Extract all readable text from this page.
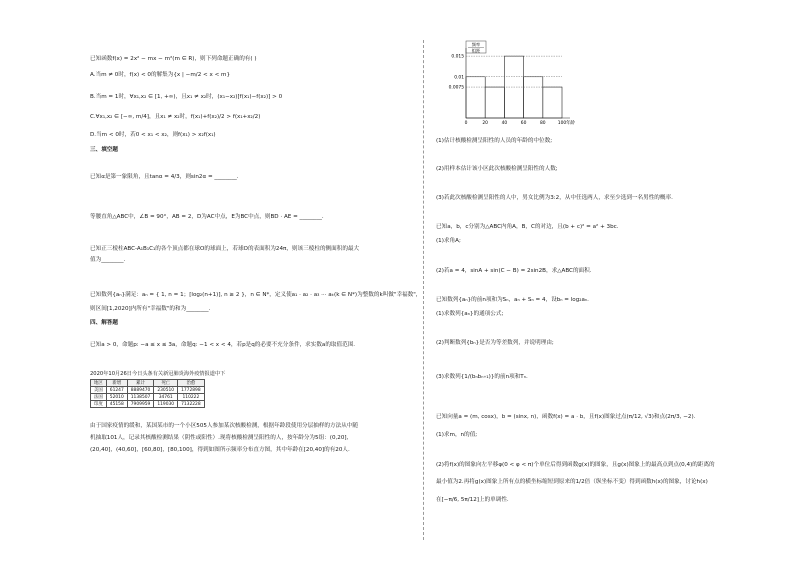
已知函数f(x) = 2x² − mx − m²(m ∈ R)，则下列命题正确的有( )
A.当m ≠ 0时，f(x) < 0的解集为{x | −m/2 < x < m}
B.当m = 1时，∀x₁,x₂ ∈ [1, +∞)，且x₁ ≠ x₂时，(x₁−x₂)[f(x₁)−f(x₂)] > 0
C.∀x₁,x₂ ∈ [−∞, m/4]，且x₁ ≠ x₂时，f(x₁)+f(x₂)/2 > f(x₁+x₂/2)
D.当m < 0时，若0 < x₁ < x₂，则f(x₁) > x₂f(x₁)
三、填空题
已知α是第一象限角，且tanα = 4/3，则sin2α = ________.
等腰直角△ABC中，∠B = 90°，AB = 2，D为AC中点，E为BC中点，则BD · AE = ________.
已知正三棱柱ABC-A₁B₁C₁的各个顶点都在球O的球面上，若球O的表面积为24π，则该三棱柱的侧面积的最大
值为________.
已知数列{aₙ}满足：aₙ = { 1, n = 1；[log₂(n+1)], n ≥ 2 }，n ∈ N*，定义使a₁ · a₂ · a₃ ··· aₖ(k ∈ N*)为整数的k叫做"幸福数"，
则区间[1,2020]内所有"幸福数"的和为________.
四、解答题
已知a > 0，命题p: −a ≤ x ≤ 3a，命题q: −1 < x < 4，若p是q的必要不充分条件，求实数a的取值范围.
2020年10月26日今日头条有关新冠肺炎海外疫情报道中下
地区	新增	累计	死亡	治愈
美国	61247	8889470	230510	1772898
法国	52010	1138507	34761	110222
印度	45158	7909959	119030	7132228
由于国家疫情的缓和，某国某市的一个小区505人参加某次核酸检测，根据年龄段使用分层抽样的方法从中随
机抽取101人，记录其核酸检测结果（阴性或阳性）.现将核酸检测呈阳性的人，按年龄分为5组：(0,20],
(20,40]，(40,60]，[60,80]，[80,100]，得到如图所示频率分布直方图，其中年龄在[20,40]的有20人.
0.0075
0.01
0.015
0	20	40	60	80	100 年龄
频率
组距
(1)估计核酸检测呈阳性的人员的年龄的中位数;
(2)用样本估计该小区此次核酸检测呈阳性的人数;
(3)若此次核酸检测呈阳性的人中，男女比例为3:2，从中任选两人，求至少选到一名男性的概率.
已知a，b，c分别为△ABC内角A，B，C的对边，且(b + c)² = a² + 3bc.
(1)求角A;
(2)若a = 4，sinA + sin(C − B) = 2sin2B，求△ABC的面积.
已知数列{aₙ}的前n项和为Sₙ，aₙ + Sₙ = 4，设bₙ = log₂aₙ.
(1)求数列{aₙ}的通项公式;
(2)判断数列{bₙ}是否为等差数列，并说明理由;
(3)求数列{1/(bₙbₙ₊₁)}的前n项和Tₙ.
已知向量a = (m, cosx)，b = (sinx, n)，函数f(x) = a · b，且f(x)图象过点(π/12, √3)和点(2π/3, −2).
(1)求m，n的值;
(2)将f(x)的图象向左平移φ(0 < φ < π)个单位后得到函数g(x)的图象，且g(x)图象上的最高点到点(0,4)的距离的
最小值为2.再将g(x)图象上所有点的横坐标缩短到原来的1/2倍（纵坐标不变）得到函数h(x)的图象，讨论h(x)
在[−π/6, 5π/12]上的单调性.
